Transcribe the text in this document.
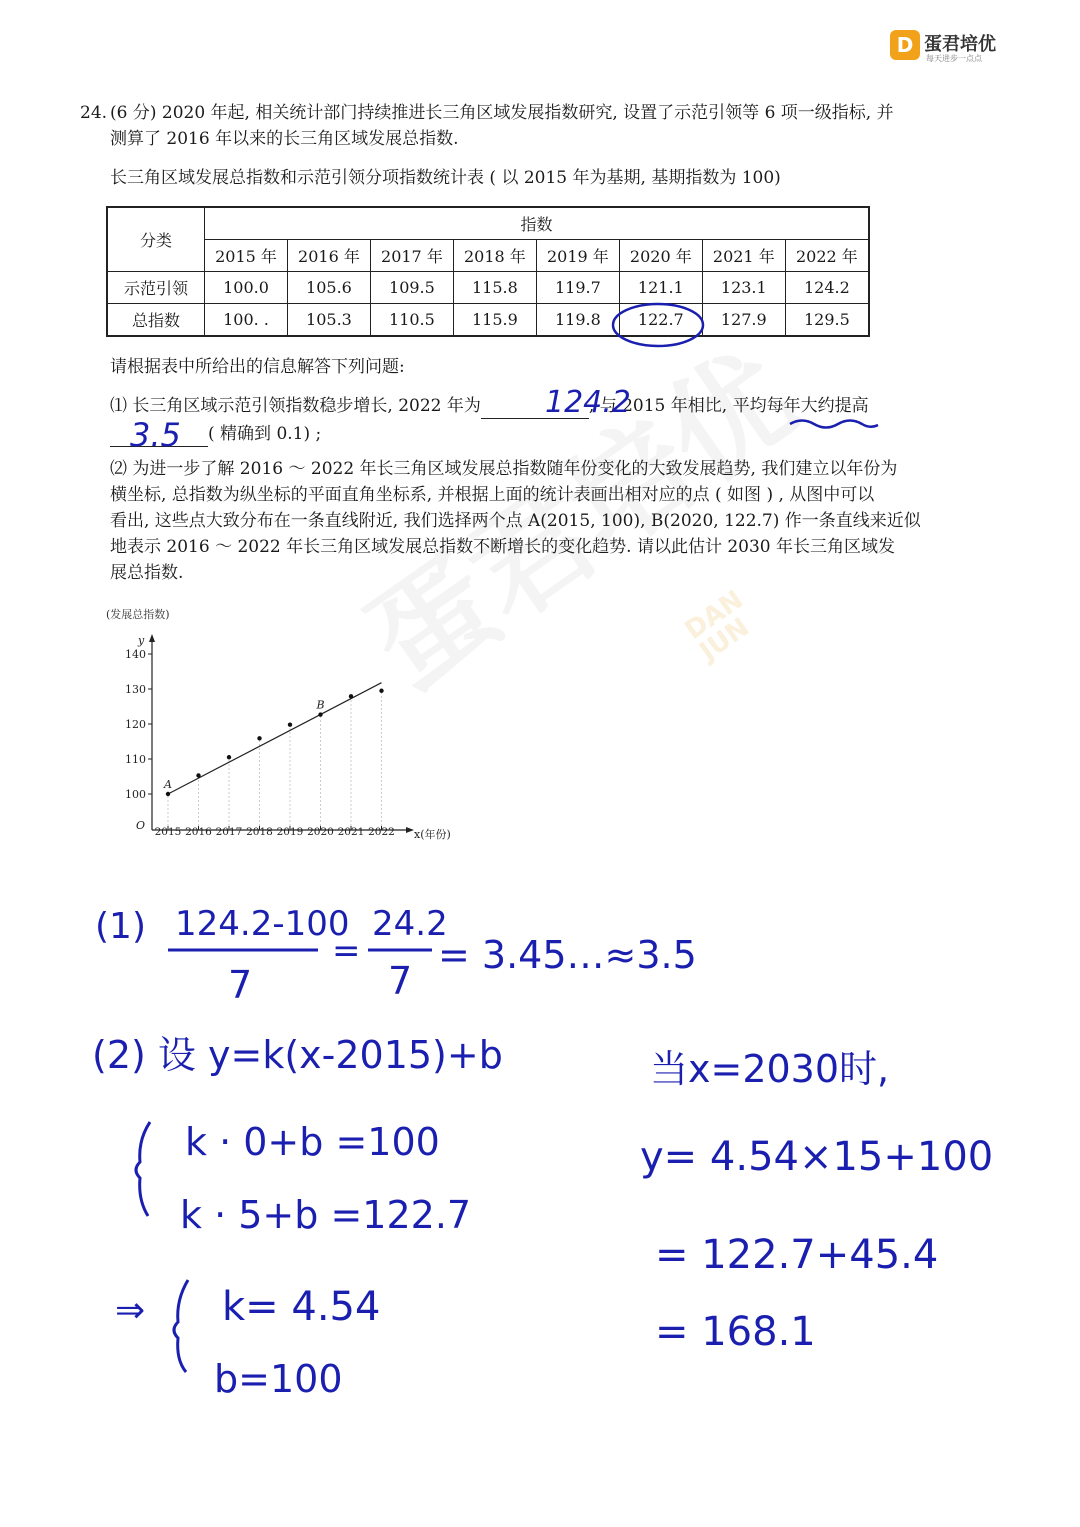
D 蛋君培优
每天进步一点点
DAN
JUN
24. (6 分) 2020 年起, 相关统计部门持续推进长三角区域发展指数研究, 设置了示范引领等 6 项一级指标, 并
测算了 2016 年以来的长三角区域发展总指数.
长三角区域发展总指数和示范引领分项指数统计表 ( 以 2015 年为基期, 基期指数为 100)
分类	指数							
	2015 年	2016 年	2017 年	2018 年	2019 年	2020 年	2021 年	2022 年
示范引领	100.0	105.6	109.5	115.8	119.7	121.1	123.1	124.2
总指数	100. .	105.3	110.5	115.9	119.8	122.7	127.9	129.5
请根据表中所给出的信息解答下列问题:
⑴ 长三角区域示范引领指数稳步增长, 2022 年为	, 与 2015 年相比, 平均每年大约提高
( 精确到 0.1) ;
⑵ 为进一步了解 2016 ～ 2022 年长三角区域发展总指数随年份变化的大致发展趋势, 我们建立以年份为
横坐标, 总指数为纵坐标的平面直角坐标系, 并根据上面的统计表画出相对应的点 ( 如图 ) , 从图中可以
看出, 这些点大致分布在一条直线附近, 我们选择两个点 A(2015, 100), B(2020, 122.7) 作一条直线来近似
地表示 2016 ～ 2022 年长三角区域发展总指数不断增长的变化趋势. 请以此估计 2030 年长三角区域发
展总指数.
(发展总指数)
y
x(年份)
O
100
110
120
130
140
2015 2016 2017 2018 2019 2020 2021 2022
A
B
124.2
3.5
(1) 124.2-100
7
=
24.2
7
= 3.45…≈3.5
(2) 设 y=k(x-2015)+b
k · 0+b =100
k · 5+b =122.7
⇒ k= 4.54
b=100
当x=2030时,
y= 4.54×15+100
= 122.7+45.4
= 168.1
